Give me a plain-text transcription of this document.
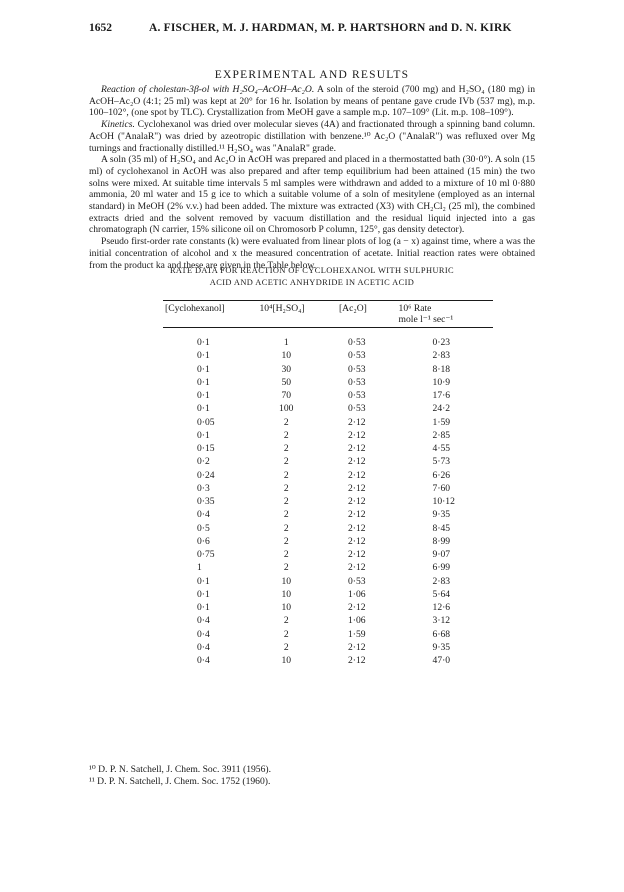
1652	A. FISCHER, M. J. HARDMAN, M. P. HARTSHORN and D. N. KIRK
EXPERIMENTAL AND RESULTS

Reaction of cholestan-3β-ol with H₂SO₄–AcOH–Ac₂O. A soln of the steroid (700 mg) and H₂SO₄ (180 mg) in AcOH–Ac₂O (4:1; 25 ml) was kept at 20° for 16 hr. Isolation by means of pentane gave crude IVb (537 mg), m.p. 100–102°, (one spot by TLC). Crystallization from MeOH gave a sample m.p. 107–109° (Lit. m.p. 108–109°).

Kinetics. Cyclohexanol was dried over molecular sieves (4A) and fractionated through a spinning band column. AcOH ("AnalaR") was dried by azeotropic distillation with benzene.¹⁰ Ac₂O ("AnalaR") was refluxed over Mg turnings and fractionally distilled.¹¹ H₂SO₄ was "AnalaR" grade.

A soln (35 ml) of H₂SO₄ and Ac₂O in AcOH was prepared and placed in a thermostatted bath (30·0°). A soln (15 ml) of cyclohexanol in AcOH was also prepared and after temp equilibrium had been attained (15 min) the two solns were mixed. At suitable time intervals 5 ml samples were withdrawn and added to a mixture of 10 ml 0·880 ammonia, 20 ml water and 15 g ice to which a suitable volume of a soln of mesitylene (employed as an internal standard) in MeOH (2% v.v.) had been added. The mixture was extracted (X3) with CH₂Cl₂ (25 ml), the combined extracts dried and the solvent removed by vacuum distillation and the residual liquid injected into a gas chromatograph (N carrier, 15% silicone oil on Chromosorb P column, 125°, gas density detector).

Pseudo first-order rate constants (k) were evaluated from linear plots of log (a − x) against time, where a was the initial concentration of alcohol and x the measured concentration of acetate. Initial reaction rates were obtained from the product ka and these are given in the Table below.

RATE DATA FOR REACTION OF CYCLOHEXANOL WITH SULPHURIC
ACID AND ACETIC ANHYDRIDE IN ACETIC ACID
[Cyclohexanol]	10⁴[H₂SO₄]	[Ac₂O]	10⁶ Rate
mole l⁻¹ sec⁻¹

0·1	1	0·53	0·23
0·1	10	0·53	2·83
0·1	30	0·53	8·18
0·1	50	0·53	10·9
0·1	70	0·53	17·6
0·1	100	0·53	24·2
0·05	2	2·12	1·59
0·1	2	2·12	2·85
0·15	2	2·12	4·55
0·2	2	2·12	5·73
0·24	2	2·12	6·26
0·3	2	2·12	7·60
0·35	2	2·12	10·12
0·4	2	2·12	9·35
0·5	2	2·12	8·45
0·6	2	2·12	8·99
0·75	2	2·12	9·07
1	2	2·12	6·99
0·1	10	0·53	2·83
0·1	10	1·06	5·64
0·1	10	2·12	12·6
0·4	2	1·06	3·12
0·4	2	1·59	6·68
0·4	2	2·12	9·35
0·4	10	2·12	47·0
¹⁰ D. P. N. Satchell, J. Chem. Soc. 3911 (1956).
¹¹ D. P. N. Satchell, J. Chem. Soc. 1752 (1960).
